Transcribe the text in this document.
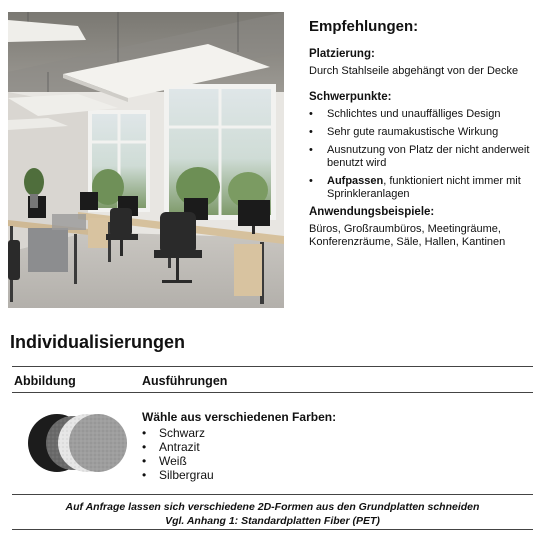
Empfehlungen:
Platzierung:

Durch Stahlseile abgehängt von der Decke

Schwerpunkte:
• Schlichtes und unauffälliges Design
• Sehr gute raumakustische Wirkung
• Ausnutzung von Platz der nicht anderweit benutzt wird
• Aufpassen, funktioniert nicht immer mit Sprinkleranlagen
Anwendungsbeispiele:

Büros, Großraumbüros, Meetingräume, Konferenzräume, Säle, Hallen, Kantinen

Individualisierungen
Abbildung	Ausführungen
Wähle aus verschiedenen Farben:
• Schwarz
• Antrazit
• Weiß
• Silbergrau
Auf Anfrage lassen sich verschiedene 2D-Formen aus den Grundplatten schneiden
Vgl. Anhang 1: Standardplatten Fiber (PET)
